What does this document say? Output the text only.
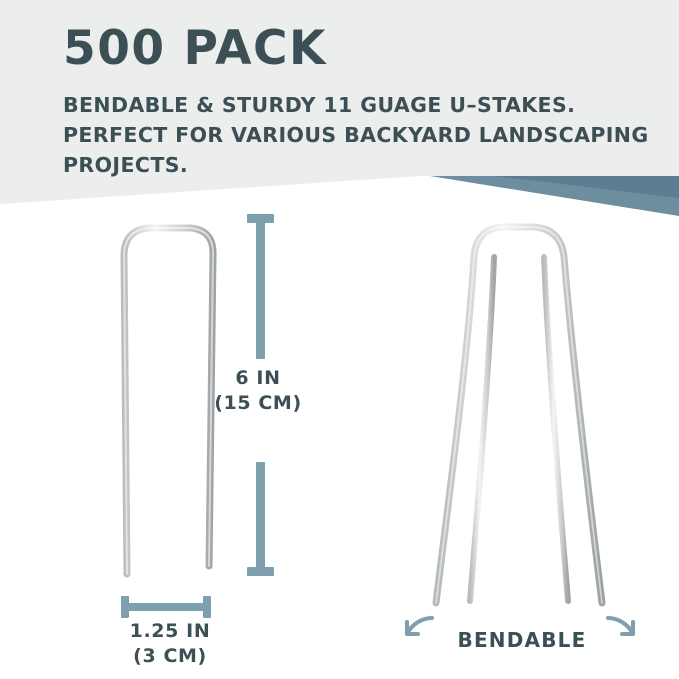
500 PACK
BENDABLE & STURDY 11 GUAGE U–STAKES. PERFECT FOR VARIOUS BACKYARD LANDSCAPING PROJECTS.
6 IN
(15 CM)
1.25 IN
(3 CM)
BENDABLE
